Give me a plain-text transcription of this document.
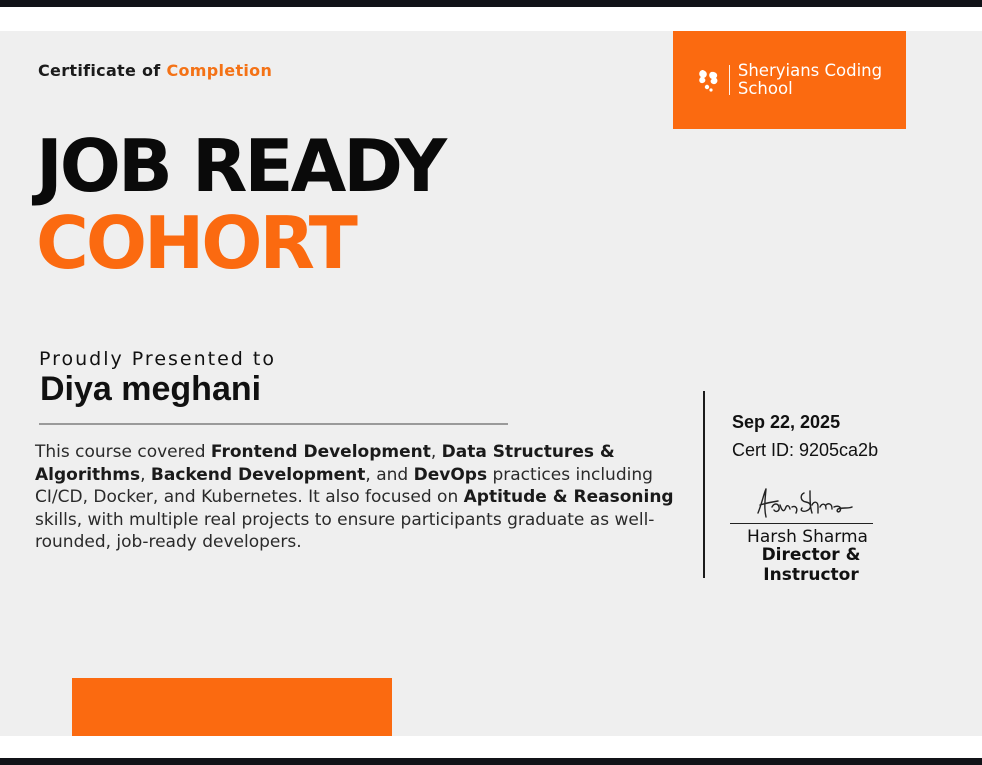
Certificate of Completion	Sheryians Coding
School
JOB READY
COHORT
Proudly Presented to
Diya meghani
This course covered Frontend Development, Data Structures & Algorithms, Backend Development, and DevOps practices including CI/CD, Docker, and Kubernetes. It also focused on Aptitude & Reasoning skills, with multiple real projects to ensure participants graduate as well-rounded, job-ready developers.
Sep 22, 2025
Cert ID: 9205ca2b
Harsh Sharma
Director & Instructor
